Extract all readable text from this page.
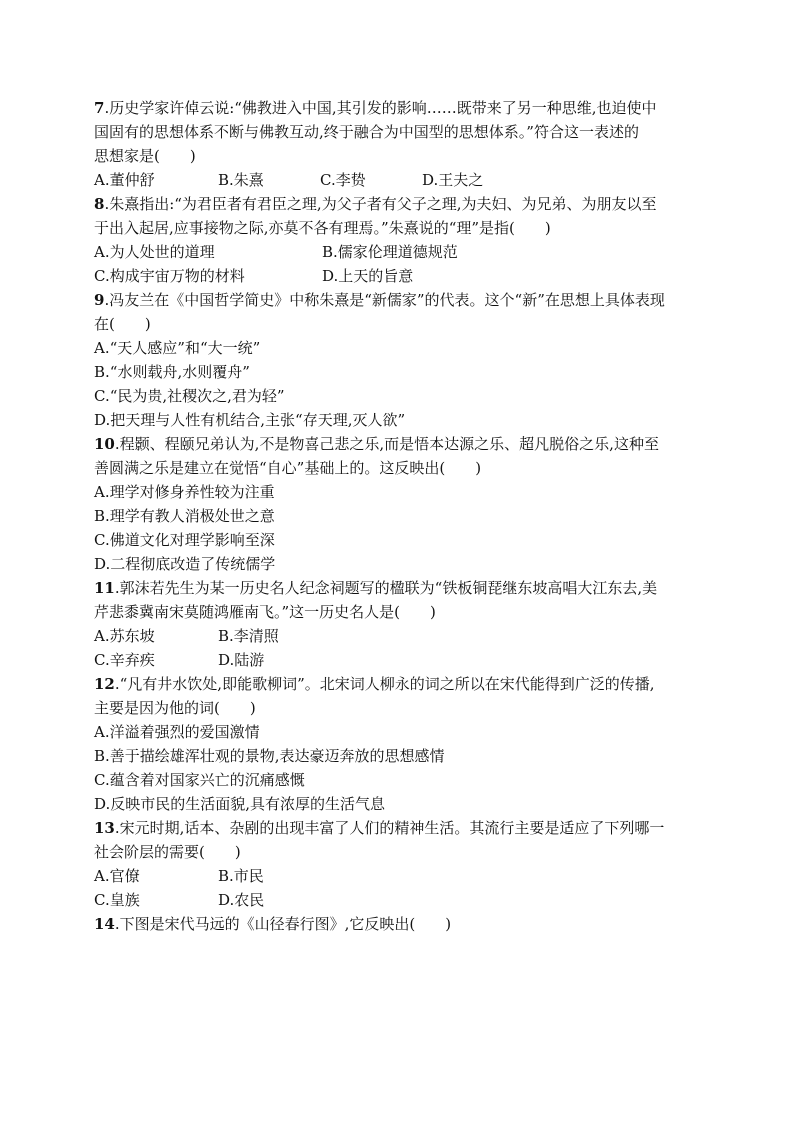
7.历史学家许倬云说:“佛教进入中国,其引发的影响……既带来了另一种思维,也迫使中
国固有的思想体系不断与佛教互动,终于融合为中国型的思想体系。”符合这一表述的
思想家是(　　)
A.董仲舒	B.朱熹	C.李贽	D.王夫之
8.朱熹指出:“为君臣者有君臣之理,为父子者有父子之理,为夫妇、为兄弟、为朋友以至
于出入起居,应事接物之际,亦莫不各有理焉。”朱熹说的“理”是指(　　)
A.为人处世的道理	B.儒家伦理道德规范
C.构成宇宙万物的材料	D.上天的旨意
9.冯友兰在《中国哲学简史》中称朱熹是“新儒家”的代表。这个“新”在思想上具体表现
在(　　)
A.“天人感应”和“大一统”
B.“水则载舟,水则覆舟”
C.“民为贵,社稷次之,君为轻”
D.把天理与人性有机结合,主张“存天理,灭人欲”
10.程颢、程颐兄弟认为,不是物喜己悲之乐,而是悟本达源之乐、超凡脱俗之乐,这种至
善圆满之乐是建立在觉悟“自心”基础上的。这反映出(　　)
A.理学对修身养性较为注重
B.理学有教人消极处世之意
C.佛道文化对理学影响至深
D.二程彻底改造了传统儒学
11.郭沫若先生为某一历史名人纪念祠题写的楹联为“铁板铜琵继东坡高唱大江东去,美
芹悲黍冀南宋莫随鸿雁南飞。”这一历史名人是(　　)
A.苏东坡	B.李清照
C.辛弃疾	D.陆游
12.“凡有井水饮处,即能歌柳词”。北宋词人柳永的词之所以在宋代能得到广泛的传播,
主要是因为他的词(　　)
A.洋溢着强烈的爱国激情
B.善于描绘雄浑壮观的景物,表达豪迈奔放的思想感情
C.蕴含着对国家兴亡的沉痛感慨
D.反映市民的生活面貌,具有浓厚的生活气息
13.宋元时期,话本、杂剧的出现丰富了人们的精神生活。其流行主要是适应了下列哪一
社会阶层的需要(　　)
A.官僚	B.市民
C.皇族	D.农民
14.下图是宋代马远的《山径春行图》,它反映出(　　)
